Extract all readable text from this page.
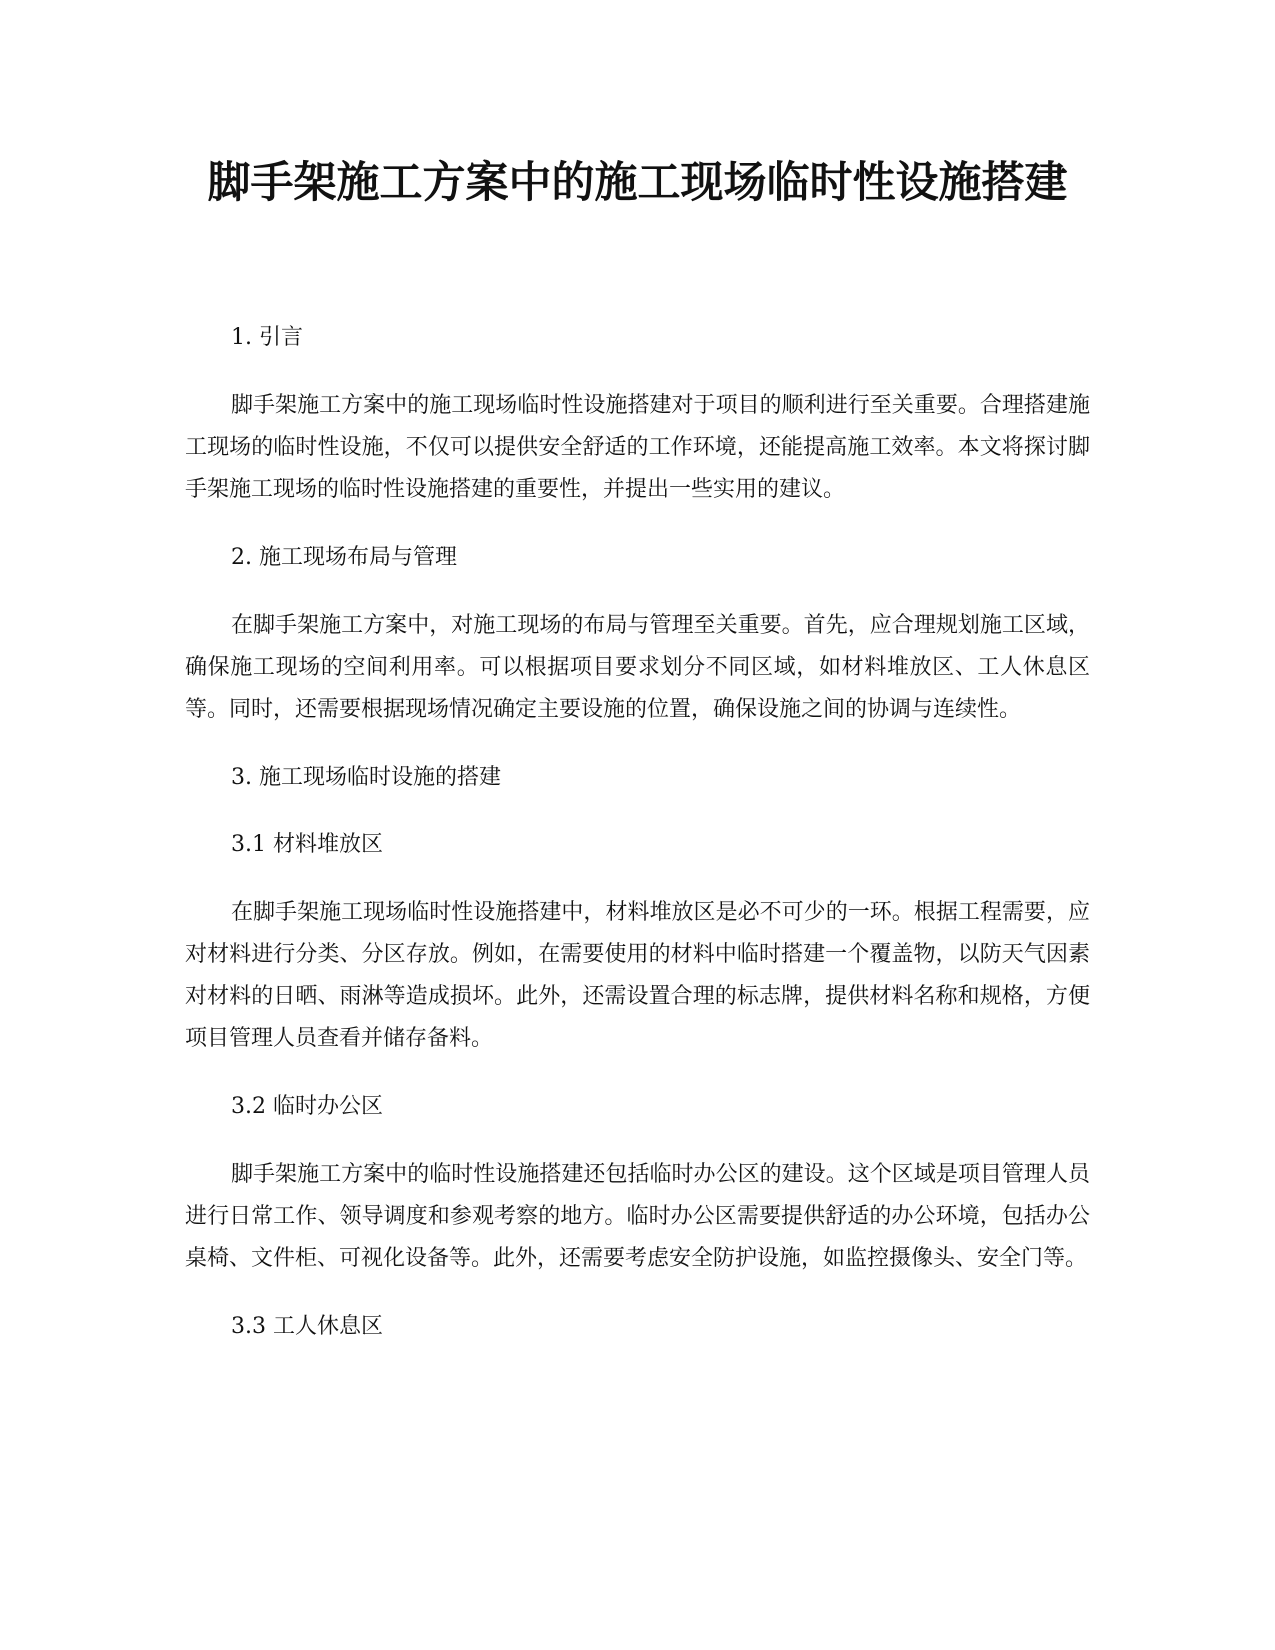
脚手架施工方案中的施工现场临时性设施搭建

1. 引言

脚手架施工方案中的施工现场临时性设施搭建对于项目的顺利进行至关重要。合理搭建施工现场的临时性设施，不仅可以提供安全舒适的工作环境，还能提高施工效率。本文将探讨脚手架施工现场的临时性设施搭建的重要性，并提出一些实用的建议。

2. 施工现场布局与管理

在脚手架施工方案中，对施工现场的布局与管理至关重要。首先，应合理规划施工区域，确保施工现场的空间利用率。可以根据项目要求划分不同区域，如材料堆放区、工人休息区等。同时，还需要根据现场情况确定主要设施的位置，确保设施之间的协调与连续性。

3. 施工现场临时设施的搭建

3.1 材料堆放区

在脚手架施工现场临时性设施搭建中，材料堆放区是必不可少的一环。根据工程需要，应对材料进行分类、分区存放。例如，在需要使用的材料中临时搭建一个覆盖物，以防天气因素对材料的日晒、雨淋等造成损坏。此外，还需设置合理的标志牌，提供材料名称和规格，方便项目管理人员查看并储存备料。

3.2 临时办公区

脚手架施工方案中的临时性设施搭建还包括临时办公区的建设。这个区域是项目管理人员进行日常工作、领导调度和参观考察的地方。临时办公区需要提供舒适的办公环境，包括办公桌椅、文件柜、可视化设备等。此外，还需要考虑安全防护设施，如监控摄像头、安全门等。

3.3 工人休息区
